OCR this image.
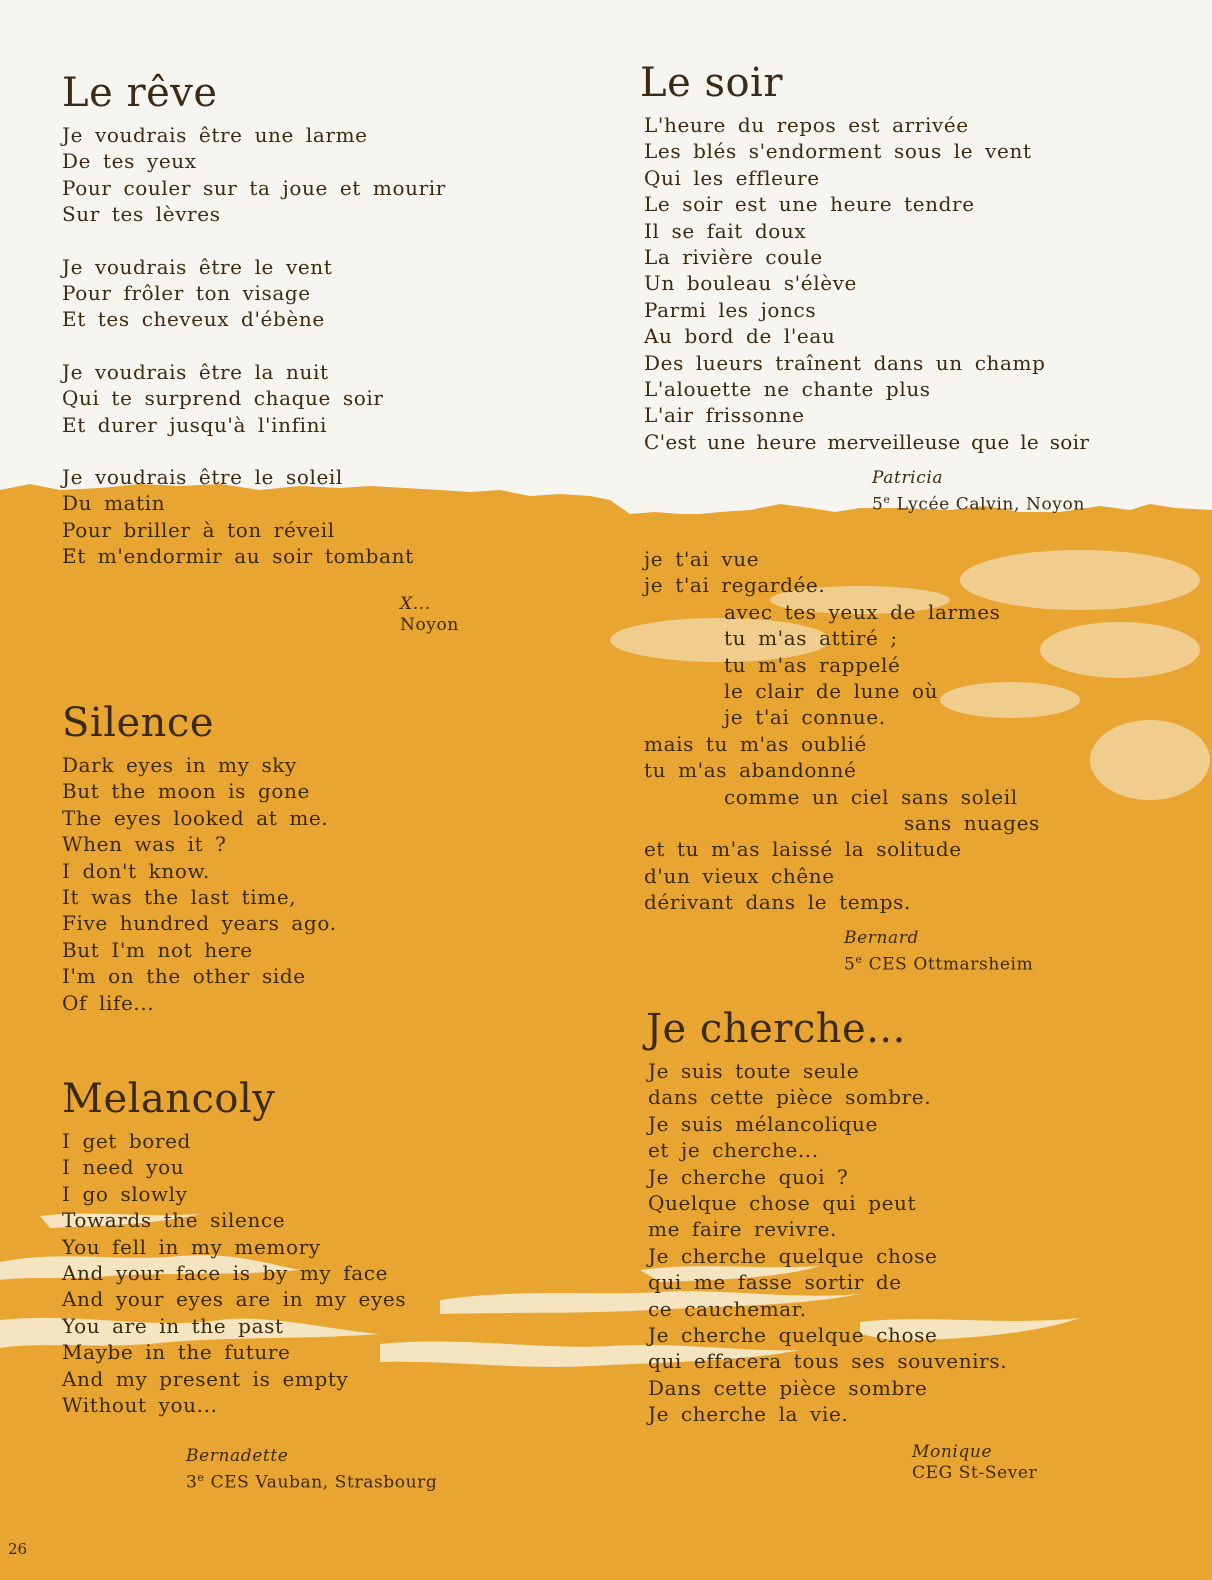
Le rêve
Je voudrais être une larme
De tes yeux
Pour couler sur ta joue et mourir
Sur tes lèvres
Je voudrais être le vent
Pour frôler ton visage
Et tes cheveux d'ébène
Je voudrais être la nuit
Qui te surprend chaque soir
Et durer jusqu'à l'infini
Je voudrais être le soleil
Du matin
Pour briller à ton réveil
Et m'endormir au soir tombant
X...
Noyon
Le soir
L'heure du repos est arrivée
Les blés s'endorment sous le vent
Qui les effleure
Le soir est une heure tendre
Il se fait doux
La rivière coule
Un bouleau s'élève
Parmi les joncs
Au bord de l'eau
Des lueurs traînent dans un champ
L'alouette ne chante plus
L'air frissonne
C'est une heure merveilleuse que le soir
Patricia
5e Lycée Calvin, Noyon
je t'ai vue
je t'ai regardée.
avec tes yeux de larmes
tu m'as attiré ;
tu m'as rappelé
le clair de lune où
je t'ai connue.
mais tu m'as oublié
tu m'as abandonné
comme un ciel sans soleil
sans nuages
et tu m'as laissé la solitude
d'un vieux chêne
dérivant dans le temps.
Bernard
5e CES Ottmarsheim
Silence
Dark eyes in my sky
But the moon is gone
The eyes looked at me.
When was it ?
I don't know.
It was the last time,
Five hundred years ago.
But I'm not here
I'm on the other side
Of life...
Melancoly
I get bored
I need you
I go slowly
Towards the silence
You fell in my memory
And your face is by my face
And your eyes are in my eyes
You are in the past
Maybe in the future
And my present is empty
Without you...
Bernadette
3e CES Vauban, Strasbourg
Je cherche...
Je suis toute seule
dans cette pièce sombre.
Je suis mélancolique
et je cherche...
Je cherche quoi ?
Quelque chose qui peut
me faire revivre.
Je cherche quelque chose
qui me fasse sortir de
ce cauchemar.
Je cherche quelque chose
qui effacera tous ses souvenirs.
Dans cette pièce sombre
Je cherche la vie.
Monique
CEG St-Sever
26
